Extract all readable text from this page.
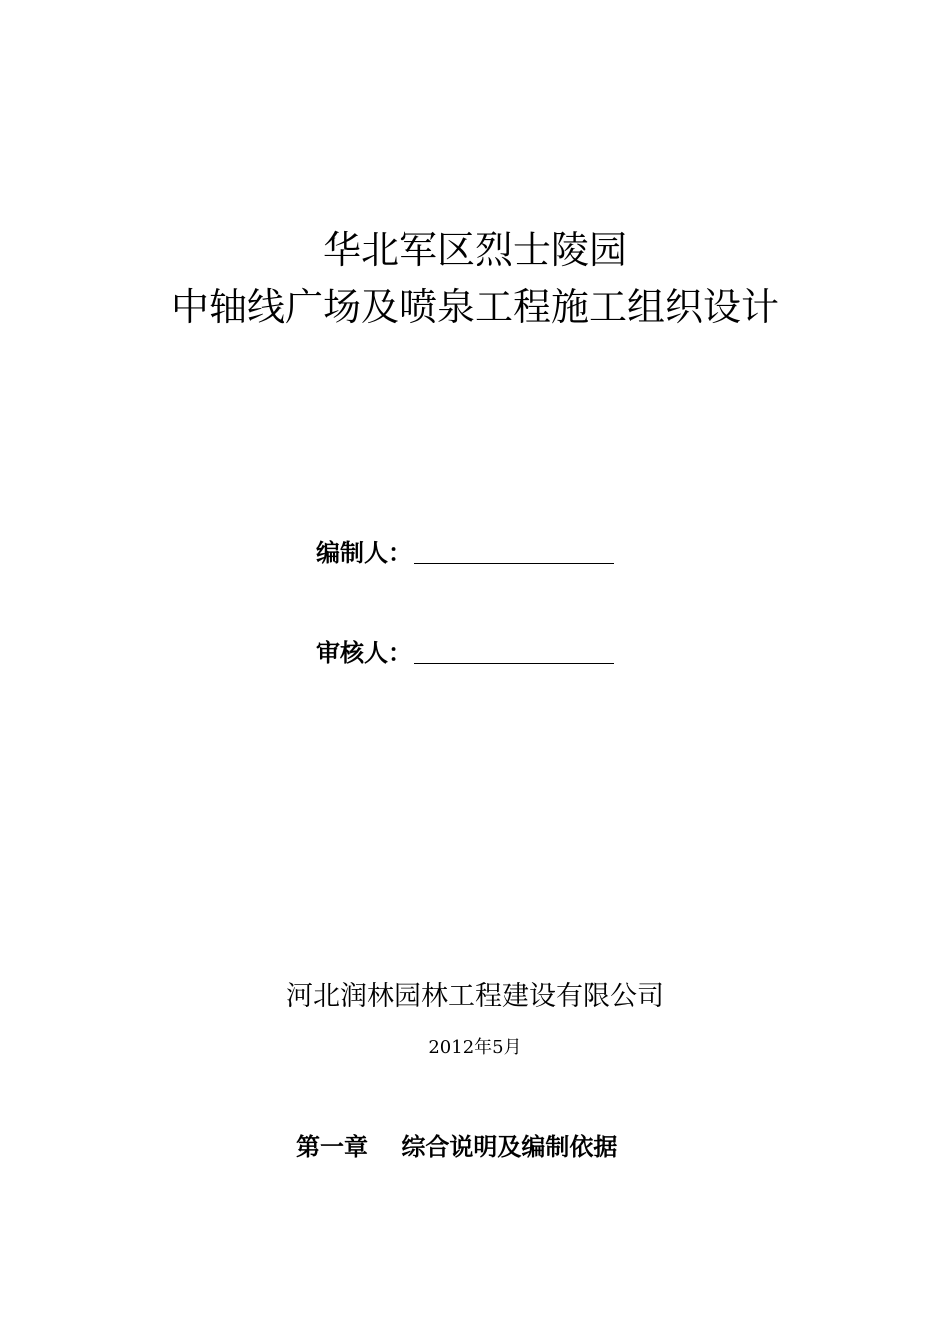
华北军区烈士陵园
中轴线广场及喷泉工程施工组织设计
编制人：
审核人：
河北润林园林工程建设有限公司
2012年5月
第一章 综合说明及编制依据
